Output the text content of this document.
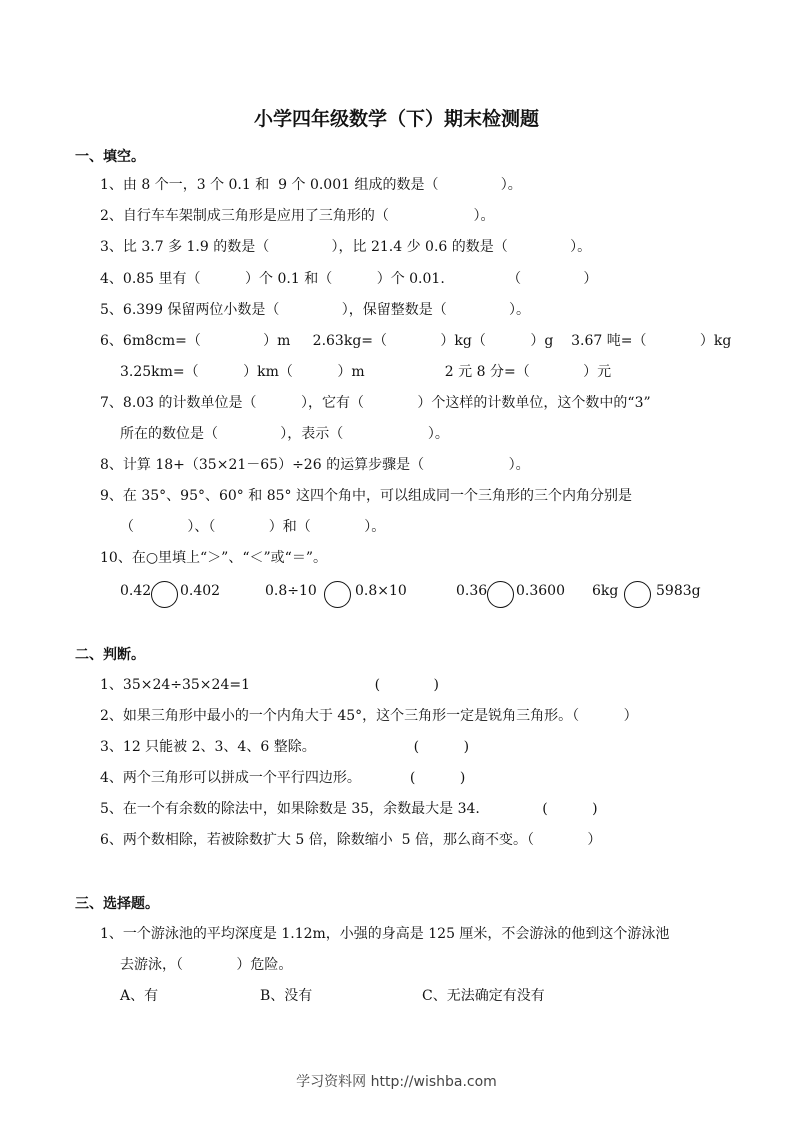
小学四年级数学（下）期末检测题
一、填空。
1、由 8 个一，3 个 0.1 和  9 个 0.001 组成的数是（              ）。
2、自行车车架制成三角形是应用了三角形的（                   ）。
3、比 3.7 多 1.9 的数是（              ），比 21.4 少 0.6 的数是（              ）。
4、0.85 里有（          ）个 0.1 和（          ）个 0.01.              （              ）
5、6.399 保留两位小数是（              ），保留整数是（              ）。
6、6m8cm=（              ）m     2.63kg=（            ）kg（          ）g    3.67 吨=（            ）kg
3.25km=（          ）km（          ）m                  2 元 8 分=（            ）元
7、8.03 的计数单位是（          ），它有（            ）个这样的计数单位，这个数中的“3”
所在的数位是（              ），表示（                   ）。
8、计算 18+（35×21－65）÷26 的运算步骤是（                   ）。
9、在 35°、95°、60° 和 85° 这四个角中，可以组成同一个三角形的三个内角分别是
（            ）、（            ）和（            ）。
10、在○里填上“＞”、“＜”或“＝”。
0.42 0.402	0.8÷10	0.8×10	0.36 0.3600 6kg	5983g
二、判断。
1、35×24÷35×24=1                            (            )
2、如果三角形中最小的一个内角大于 45°，这个三角形一定是锐角三角形。（          ）
3、12 只能被 2、3、4、6 整除。                      (          )
4、两个三角形可以拼成一个平行四边形。           (          )
5、在一个有余数的除法中，如果除数是 35，余数最大是 34.              (          )
6、两个数相除，若被除数扩大 5 倍，除数缩小  5 倍，那么商不变。（            ）
三、选择题。
1、一个游泳池的平均深度是 1.12m，小强的身高是 125 厘米，不会游泳的他到这个游泳池
去游泳，（            ）危险。
A、有	B、没有	C、无法确定有没有
学习资料网 http://wishba.com
